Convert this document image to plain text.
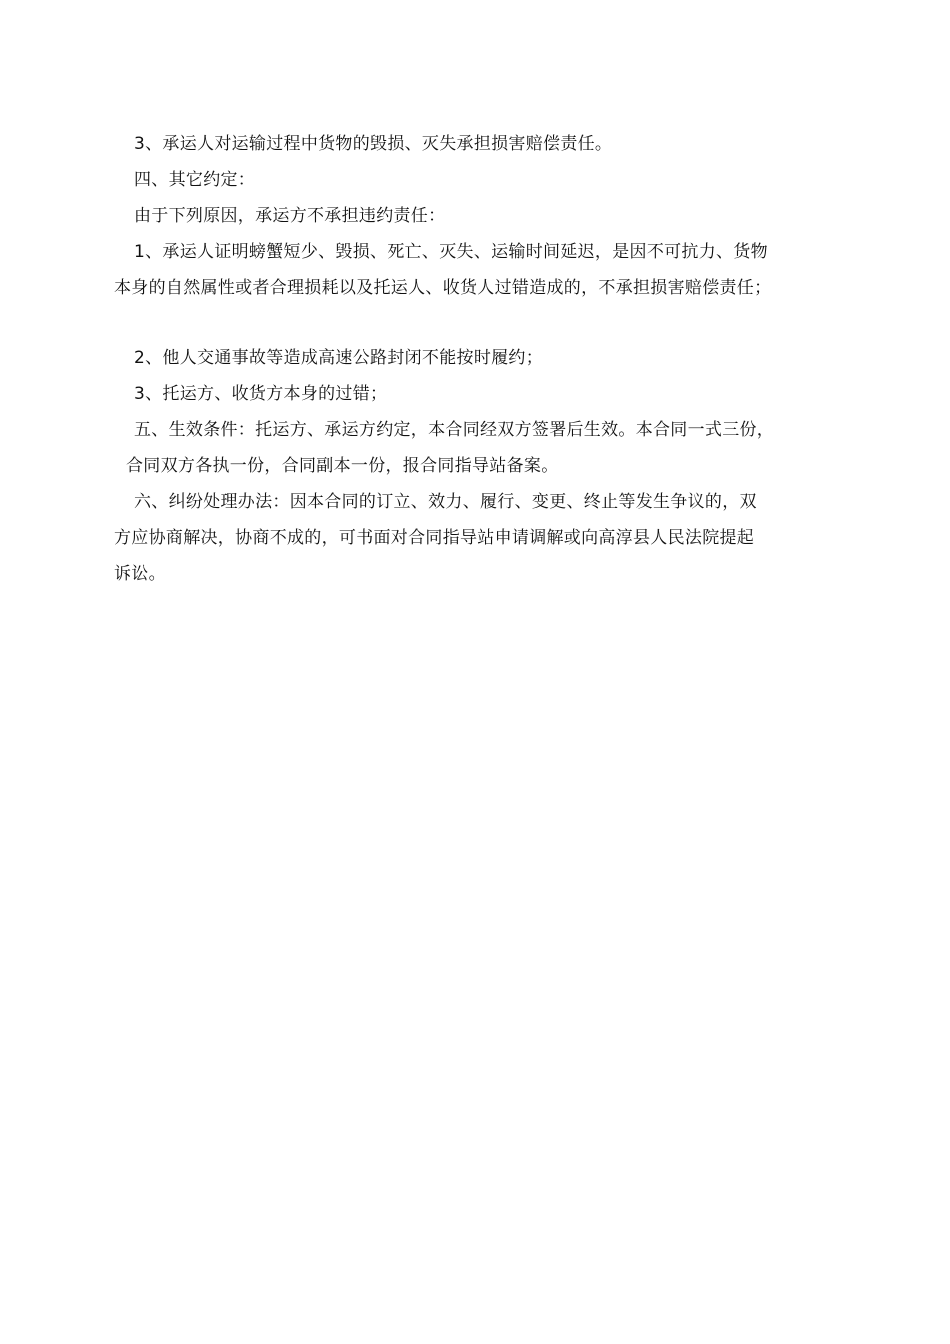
3、承运人对运输过程中货物的毁损、灭失承担损害赔偿责任。

四、其它约定：

由于下列原因，承运方不承担违约责任：

1、承运人证明螃蟹短少、毁损、死亡、灭失、运输时间延迟，是因不可抗力、货物

本身的自然属性或者合理损耗以及托运人、收货人过错造成的，不承担损害赔偿责任；

2、他人交通事故等造成高速公路封闭不能按时履约；

3、托运方、收货方本身的过错；

五、生效条件：托运方、承运方约定，本合同经双方签署后生效。本合同一式三份，

合同双方各执一份，合同副本一份，报合同指导站备案。

六、纠纷处理办法：因本合同的订立、效力、履行、变更、终止等发生争议的，双

方应协商解决，协商不成的，可书面对合同指导站申请调解或向高淳县人民法院提起

诉讼。
